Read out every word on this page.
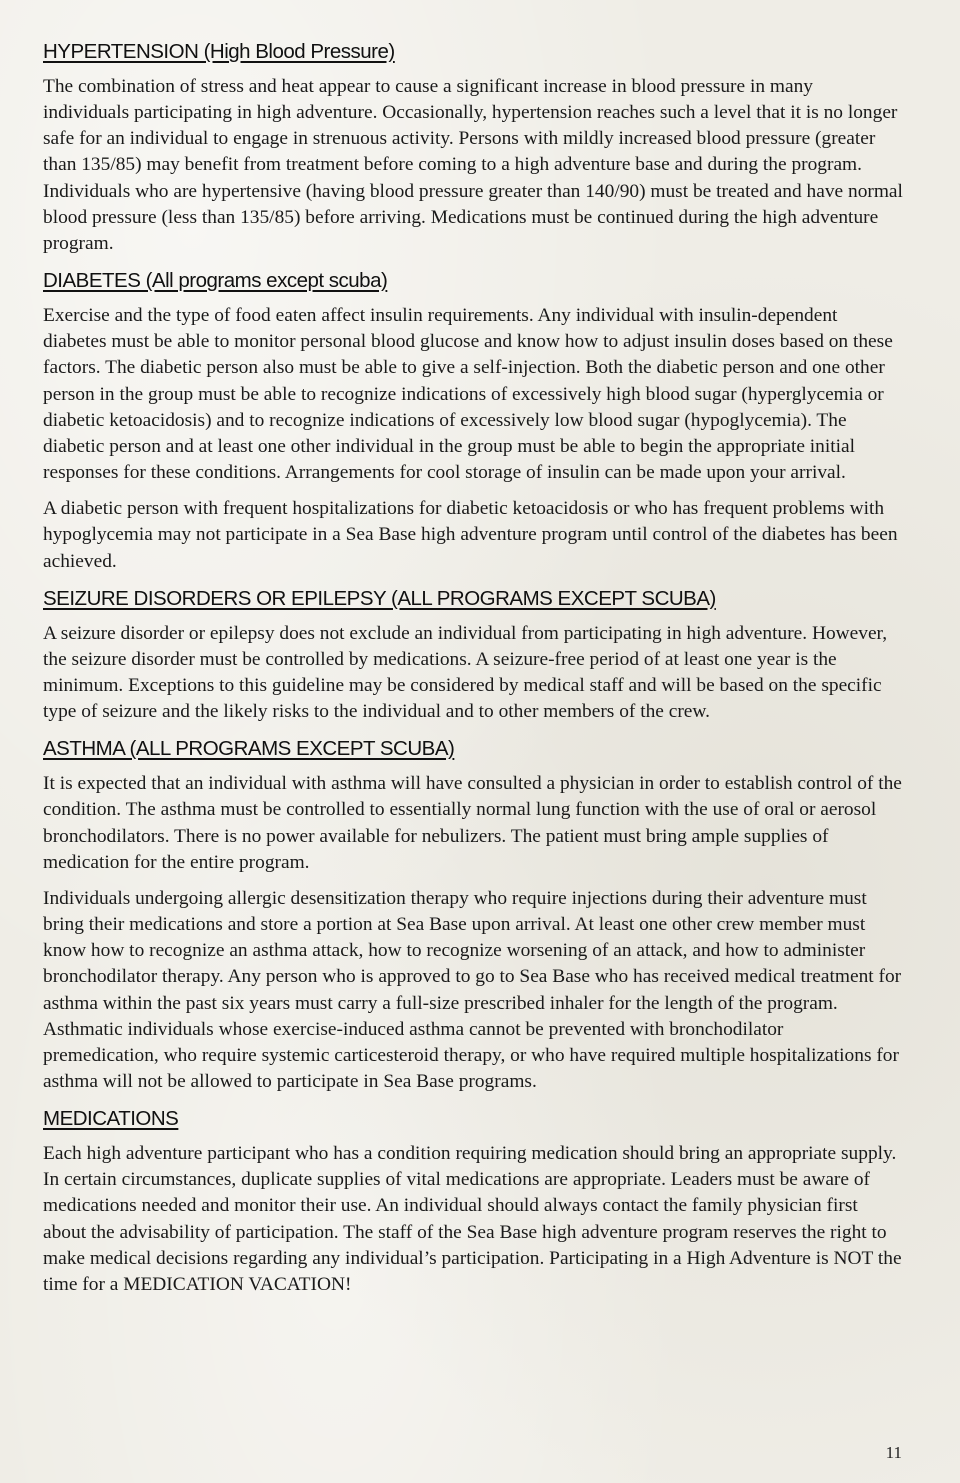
HYPERTENSION (High Blood Pressure)

The combination of stress and heat appear to cause a significant increase in blood pressure in many individuals participating in high adventure. Occasionally, hypertension reaches such a level that it is no longer safe for an individual to engage in strenuous activity. Persons with mildly increased blood pressure (greater than 135/85) may benefit from treatment before coming to a high adventure base and during the program. Individuals who are hypertensive (having blood pressure greater than 140/90) must be treated and have normal blood pressure (less than 135/85) before arriving. Medications must be continued during the high adventure program.

DIABETES (All programs except scuba)

Exercise and the type of food eaten affect insulin requirements. Any individual with insulin-dependent diabetes must be able to monitor personal blood glucose and know how to adjust insulin doses based on these factors. The diabetic person also must be able to give a self-injection. Both the diabetic person and one other person in the group must be able to recognize indications of excessively high blood sugar (hyperglycemia or diabetic ketoacidosis) and to recognize indications of excessively low blood sugar (hypoglycemia). The diabetic person and at least one other individual in the group must be able to begin the appropriate initial responses for these conditions. Arrangements for cool storage of insulin can be made upon your arrival.

A diabetic person with frequent hospitalizations for diabetic ketoacidosis or who has frequent problems with hypoglycemia may not participate in a Sea Base high adventure program until control of the diabetes has been achieved.

SEIZURE DISORDERS OR EPILEPSY (ALL PROGRAMS EXCEPT SCUBA)

A seizure disorder or epilepsy does not exclude an individual from participating in high adventure. However, the seizure disorder must be controlled by medications. A seizure-free period of at least one year is the minimum. Exceptions to this guideline may be considered by medical staff and will be based on the specific type of seizure and the likely risks to the individual and to other members of the crew.

ASTHMA (ALL PROGRAMS EXCEPT SCUBA)

It is expected that an individual with asthma will have consulted a physician in order to establish control of the condition. The asthma must be controlled to essentially normal lung function with the use of oral or aerosol bronchodilators. There is no power available for nebulizers. The patient must bring ample supplies of medication for the entire program.

Individuals undergoing allergic desensitization therapy who require injections during their adventure must bring their medications and store a portion at Sea Base upon arrival. At least one other crew member must know how to recognize an asthma attack, how to recognize worsening of an attack, and how to administer bronchodilator therapy. Any person who is approved to go to Sea Base who has received medical treatment for asthma within the past six years must carry a full-size prescribed inhaler for the length of the program. Asthmatic individuals whose exercise-induced asthma cannot be prevented with bronchodilator premedication, who require systemic carticesteroid therapy, or who have required multiple hospitalizations for asthma will not be allowed to participate in Sea Base programs.

MEDICATIONS

Each high adventure participant who has a condition requiring medication should bring an appropriate supply. In certain circumstances, duplicate supplies of vital medications are appropriate. Leaders must be aware of medications needed and monitor their use. An individual should always contact the family physician first about the advisability of participation. The staff of the Sea Base high adventure program reserves the right to make medical decisions regarding any individual’s participation. Participating in a High Adventure is NOT the time for a MEDICATION VACATION!

11
